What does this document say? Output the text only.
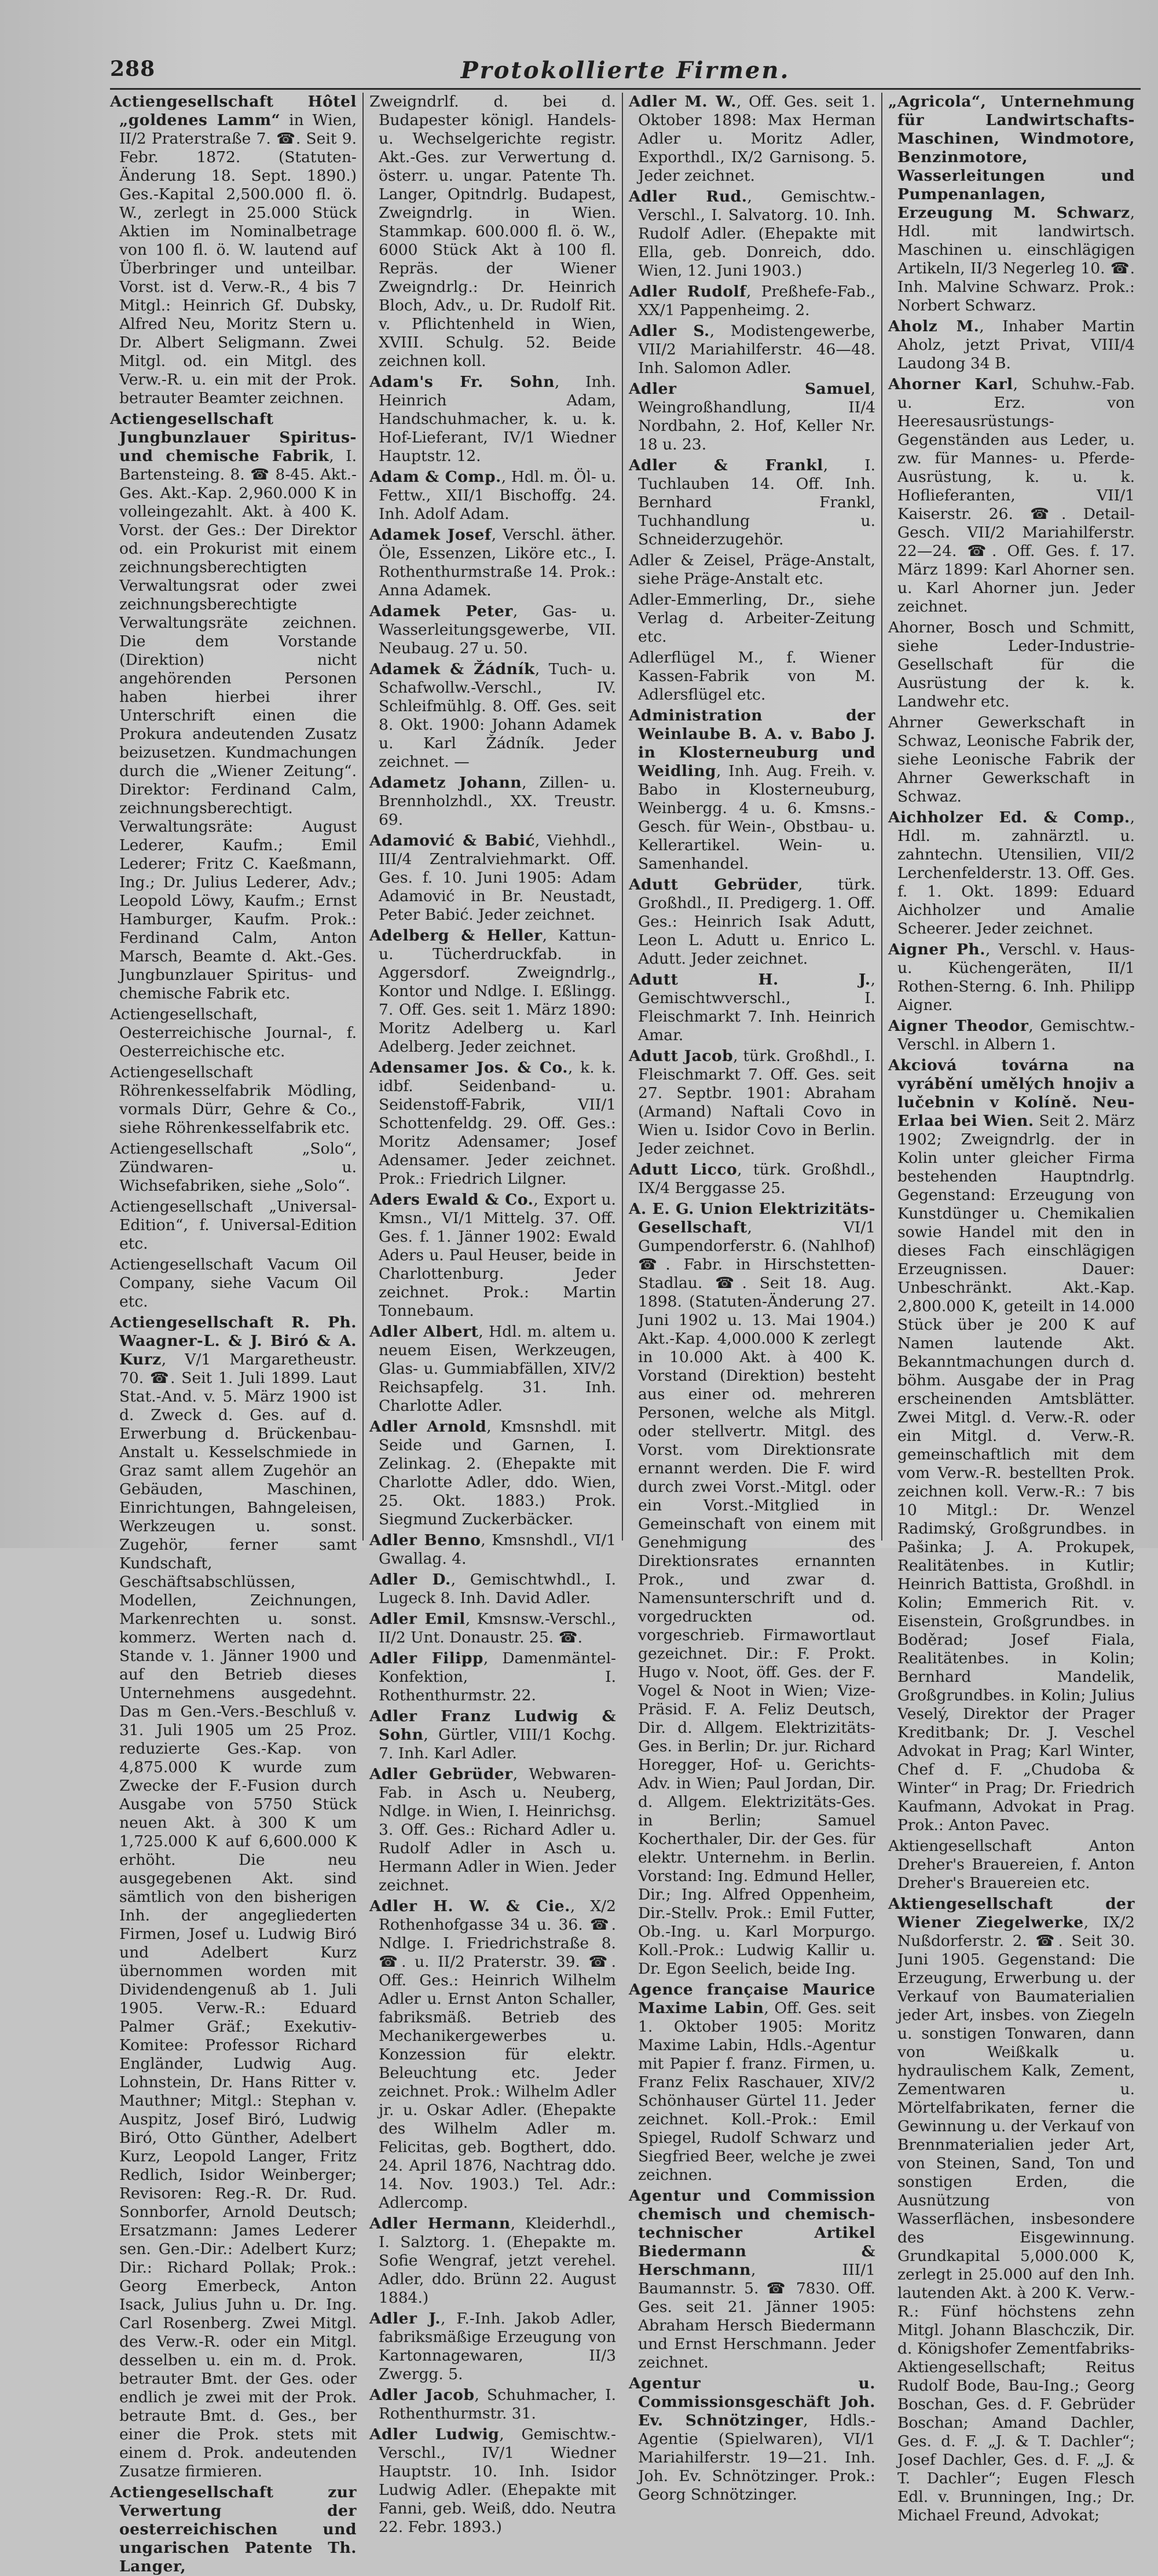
288	Protokollierte Firmen.

Actiengesellschaft Hôtel „goldenes Lamm“ in Wien, II/2 Praterstraße 7. ☎. Seit 9. Febr. 1872. (Statuten-Änderung 18. Sept. 1890.) Ges.-Kapital 2,500.000 fl. ö. W., zerlegt in 25.000 Stück Aktien im Nominalbetrage von 100 fl. ö. W. lautend auf Überbringer und unteilbar. Vorst. ist d. Verw.-R., 4 bis 7 Mitgl.: Heinrich Gf. Dubsky, Alfred Neu, Moritz Stern u. Dr. Albert Seligmann. Zwei Mitgl. od. ein Mitgl. des Verw.-R. u. ein mit der Prok. betrauter Beamter zeichnen.

Actiengesellschaft Jungbunzlauer Spiritus- und chemische Fabrik, I. Bartensteing. 8. ☎ 8-45. Akt.-Ges. Akt.-Kap. 2,960.000 K in volleingezahlt. Akt. à 400 K. Vorst. der Ges.: Der Direktor od. ein Prokurist mit einem zeichnungsberechtigten Verwaltungsrat oder zwei zeichnungsberechtigte Verwaltungsräte zeichnen. Die dem Vorstande (Direktion) nicht angehörenden Personen haben hierbei ihrer Unterschrift einen die Prokura andeutenden Zusatz beizusetzen. Kundmachungen durch die „Wiener Zeitung“. Direktor: Ferdinand Calm, zeichnungsberechtigt. Verwaltungsräte: August Lederer, Kaufm.; Emil Lederer; Fritz C. Kaeßmann, Ing.; Dr. Julius Lederer, Adv.; Leopold Löwy, Kaufm.; Ernst Hamburger, Kaufm. Prok.: Ferdinand Calm, Anton Marsch, Beamte d. Akt.-Ges. Jungbunzlauer Spiritus- und chemische Fabrik etc.

Actiengesellschaft, Oesterreichische Journal-, f. Oesterreichische etc.

Actiengesellschaft Röhrenkesselfabrik Mödling, vormals Dürr, Gehre & Co., siehe Röhrenkesselfabrik etc.

Actiengesellschaft „Solo“, Zündwaren- u. Wichsefabriken, siehe „Solo“.

Actiengesellschaft „Universal-Edition“, f. Universal-Edition etc.

Actiengesellschaft Vacum Oil Company, siehe Vacum Oil etc.

Actiengesellschaft R. Ph. Waagner-L. & J. Biró & A. Kurz, V/1 Margaretheustr. 70. ☎. Seit 1. Juli 1899. Laut Stat.-And. v. 5. März 1900 ist d. Zweck d. Ges. auf d. Erwerbung d. Brückenbau-Anstalt u. Kesselschmiede in Graz samt allem Zugehör an Gebäuden, Maschinen, Einrichtungen, Bahngeleisen, Werkzeugen u. sonst. Zugehör, ferner samt Kundschaft, Geschäftsabschlüssen, Modellen, Zeichnungen, Markenrechten u. sonst. kommerz. Werten nach d. Stande v. 1. Jänner 1900 und auf den Betrieb dieses Unternehmens ausgedehnt. Das m Gen.-Vers.-Beschluß v. 31. Juli 1905 um 25 Proz. reduzierte Ges.-Kap. von 4,875.000 K wurde zum Zwecke der F.-Fusion durch Ausgabe von 5750 Stück neuen Akt. à 300 K um 1,725.000 K auf 6,600.000 K erhöht. Die neu ausgegebenen Akt. sind sämtlich von den bisherigen Inh. der angegliederten Firmen, Josef u. Ludwig Biró und Adelbert Kurz übernommen worden mit Dividendengenuß ab 1. Juli 1905. Verw.-R.: Eduard Palmer Gräf.; Exekutiv-Komitee: Professor Richard Engländer, Ludwig Aug. Lohnstein, Dr. Hans Ritter v. Mauthner; Mitgl.: Stephan v. Auspitz, Josef Biró, Ludwig Biró, Otto Günther, Adelbert Kurz, Leopold Langer, Fritz Redlich, Isidor Weinberger; Revisoren: Reg.-R. Dr. Rud. Sonnborfer, Arnold Deutsch; Ersatzmann: James Lederer sen. Gen.-Dir.: Adelbert Kurz; Dir.: Richard Pollak; Prok.: Georg Emerbeck, Anton Isack, Julius Juhn u. Dr. Ing. Carl Rosenberg. Zwei Mitgl. des Verw.-R. oder ein Mitgl. desselben u. ein m. d. Prok. betrauter Bmt. der Ges. oder endlich je zwei mit der Prok. betraute Bmt. d. Ges., ber einer die Prok. stets mit einem d. Prok. andeutenden Zusatze firmieren.

Actiengesellschaft zur Verwertung der oesterreichischen und ungarischen Patente Th. Langer,

Zweigndrlf. d. bei d. Budapester königl. Handels- u. Wechselgerichte registr. Akt.-Ges. zur Verwertung d. österr. u. ungar. Patente Th. Langer, Opitndrlg. Budapest, Zweigndrlg. in Wien. Stammkap. 600.000 fl. ö. W., 6000 Stück Akt à 100 fl. Repräs. der Wiener Zweigndrlg.: Dr. Heinrich Bloch, Adv., u. Dr. Rudolf Rit. v. Pflichtenheld in Wien, XVIII. Schulg. 52. Beide zeichnen koll.

Adam's Fr. Sohn, Inh. Heinrich Adam, Handschuhmacher, k. u. k. Hof-Lieferant, IV/1 Wiedner Hauptstr. 12.

Adam & Comp., Hdl. m. Öl- u. Fettw., XII/1 Bischoffg. 24. Inh. Adolf Adam.

Adamek Josef, Verschl. äther. Öle, Essenzen, Liköre etc., I. Rothenthurmstraße 14. Prok.: Anna Adamek.

Adamek Peter, Gas- u. Wasserleitungsgewerbe, VII. Neubaug. 27 u. 50.

Adamek & Žádník, Tuch- u. Schafwollw.-Verschl., IV. Schleifmühlg. 8. Off. Ges. seit 8. Okt. 1900: Johann Adamek u. Karl Žádník. Jeder zeichnet. —

Adametz Johann, Zillen- u. Brennholzhdl., XX. Treustr. 69.

Adamović & Babić, Viehhdl., III/4 Zentralviehmarkt. Off. Ges. f. 10. Juni 1905: Adam Adamović in Br. Neustadt, Peter Babić. Jeder zeichnet.

Adelberg & Heller, Kattun- u. Tücherdruckfab. in Aggersdorf. Zweigndrlg., Kontor und Ndlge. I. Eßlingg. 7. Off. Ges. seit 1. März 1890: Moritz Adelberg u. Karl Adelberg. Jeder zeichnet.

Adensamer Jos. & Co., k. k. idbf. Seidenband- u. Seidenstoff-Fabrik, VII/1 Schottenfeldg. 29. Off. Ges.: Moritz Adensamer; Josef Adensamer. Jeder zeichnet. Prok.: Friedrich Lilgner.

Aders Ewald & Co., Export u. Kmsn., VI/1 Mittelg. 37. Off. Ges. f. 1. Jänner 1902: Ewald Aders u. Paul Heuser, beide in Charlottenburg. Jeder zeichnet. Prok.: Martin Tonnebaum.

Adler Albert, Hdl. m. altem u. neuem Eisen, Werkzeugen, Glas- u. Gummiabfällen, XIV/2 Reichsapfelg. 31. Inh. Charlotte Adler.

Adler Arnold, Kmsnshdl. mit Seide und Garnen, I. Zelinkag. 2. (Ehepakte mit Charlotte Adler, ddo. Wien, 25. Okt. 1883.) Prok. Siegmund Zuckerbäcker.

Adler Benno, Kmsnshdl., VI/1 Gwallag. 4.

Adler D., Gemischtwhdl., I. Lugeck 8. Inh. David Adler.

Adler Emil, Kmsnsw.-Verschl., II/2 Unt. Donaustr. 25. ☎.

Adler Filipp, Damenmäntel-Konfektion, I. Rothenthurmstr. 22.

Adler Franz Ludwig & Sohn, Gürtler, VIII/1 Kochg. 7. Inh. Karl Adler.

Adler Gebrüder, Webwaren-Fab. in Asch u. Neuberg, Ndlge. in Wien, I. Heinrichsg. 3. Off. Ges.: Richard Adler u. Rudolf Adler in Asch u. Hermann Adler in Wien. Jeder zeichnet.

Adler H. W. & Cie., X/2 Rothenhofgasse 34 u. 36. ☎. Ndlge. I. Friedrichstraße 8. ☎. u. II/2 Praterstr. 39. ☎. Off. Ges.: Heinrich Wilhelm Adler u. Ernst Anton Schaller, fabriksmäß. Betrieb des Mechanikergewerbes u. Konzession für elektr. Beleuchtung etc. Jeder zeichnet. Prok.: Wilhelm Adler jr. u. Oskar Adler. (Ehepakte des Wilhelm Adler m. Felicitas, geb. Bogthert, ddo. 24. April 1876, Nachtrag ddo. 14. Nov. 1903.) Tel. Adr.: Adlercomp.

Adler Hermann, Kleiderhdl., I. Salztorg. 1. (Ehepakte m. Sofie Wengraf, jetzt verehel. Adler, ddo. Brünn 22. August 1884.)

Adler J., F.-Inh. Jakob Adler, fabriksmäßige Erzeugung von Kartonnagewaren, II/3 Zwergg. 5.

Adler Jacob, Schuhmacher, I. Rothenthurmstr. 31.

Adler Ludwig, Gemischtw.-Verschl., IV/1 Wiedner Hauptstr. 10. Inh. Isidor Ludwig Adler. (Ehepakte mit Fanni, geb. Weiß, ddo. Neutra 22. Febr. 1893.)

Adler M. W., Off. Ges. seit 1. Oktober 1898: Max Herman Adler u. Moritz Adler, Exporthdl., IX/2 Garnisong. 5. Jeder zeichnet.

Adler Rud., Gemischtw.-Verschl., I. Salvatorg. 10. Inh. Rudolf Adler. (Ehepakte mit Ella, geb. Donreich, ddo. Wien, 12. Juni 1903.)

Adler Rudolf, Preßhefe-Fab., XX/1 Pappenheimg. 2.

Adler S., Modistengewerbe, VII/2 Mariahilferstr. 46—48. Inh. Salomon Adler.

Adler Samuel, Weingroßhandlung, II/4 Nordbahn, 2. Hof, Keller Nr. 18 u. 23.

Adler & Frankl, I. Tuchlauben 14. Off. Inh. Bernhard Frankl, Tuchhandlung u. Schneiderzugehör.

Adler & Zeisel, Präge-Anstalt, siehe Präge-Anstalt etc.

Adler-Emmerling, Dr., siehe Verlag d. Arbeiter-Zeitung etc.

Adlerflügel M., f. Wiener Kassen-Fabrik von M. Adlersflügel etc.

Administration der Weinlaube B. A. v. Babo J. in Klosterneuburg und Weidling, Inh. Aug. Freih. v. Babo in Klosterneuburg, Weinbergg. 4 u. 6. Kmsns.-Gesch. für Wein-, Obstbau- u. Kellerartikel. Wein- u. Samenhandel.

Adutt Gebrüder, türk. Großhdl., II. Predigerg. 1. Off. Ges.: Heinrich Isak Adutt, Leon L. Adutt u. Enrico L. Adutt. Jeder zeichnet.

Adutt H. J., Gemischtwverschl., I. Fleischmarkt 7. Inh. Heinrich Amar.

Adutt Jacob, türk. Großhdl., I. Fleischmarkt 7. Off. Ges. seit 27. Septbr. 1901: Abraham (Armand) Naftali Covo in Wien u. Isidor Covo in Berlin. Jeder zeichnet.

Adutt Licco, türk. Großhdl., IX/4 Berggasse 25.

A. E. G. Union Elektrizitäts-Gesellschaft, VI/1 Gumpendorferstr. 6. (Nahlhof) ☎. Fabr. in Hirschstetten-Stadlau. ☎. Seit 18. Aug. 1898. (Statuten-Änderung 27. Juni 1902 u. 13. Mai 1904.) Akt.-Kap. 4,000.000 K zerlegt in 10.000 Akt. à 400 K. Vorstand (Direktion) besteht aus einer od. mehreren Personen, welche als Mitgl. oder stellvertr. Mitgl. des Vorst. vom Direktionsrate ernannt werden. Die F. wird durch zwei Vorst.-Mitgl. oder ein Vorst.-Mitglied in Gemeinschaft von einem mit Genehmigung des Direktionsrates ernannten Prok., und zwar d. Namensunterschrift und d. vorgedruckten od. vorgeschrieb. Firmawortlaut gezeichnet. Dir.: F. Prokt. Hugo v. Noot, öff. Ges. der F. Vogel & Noot in Wien; Vize-Präsid. F. A. Feliz Deutsch, Dir. d. Allgem. Elektrizitäts-Ges. in Berlin; Dr. jur. Richard Horegger, Hof- u. Gerichts-Adv. in Wien; Paul Jordan, Dir. d. Allgem. Elektrizitäts-Ges. in Berlin; Samuel Kocherthaler, Dir. der Ges. für elektr. Unternehm. in Berlin. Vorstand: Ing. Edmund Heller, Dir.; Ing. Alfred Oppenheim, Dir.-Stellv. Prok.: Emil Futter, Ob.-Ing. u. Karl Morpurgo. Koll.-Prok.: Ludwig Kallir u. Dr. Egon Seelich, beide Ing.

Agence française Maurice Maxime Labin, Off. Ges. seit 1. Oktober 1905: Moritz Maxime Labin, Hdls.-Agentur mit Papier f. franz. Firmen, u. Franz Felix Raschauer, XIV/2 Schönhauser Gürtel 11. Jeder zeichnet. Koll.-Prok.: Emil Spiegel, Rudolf Schwarz und Siegfried Beer, welche je zwei zeichnen.

Agentur und Commission chemisch und chemisch-technischer Artikel Biedermann & Herschmann, III/1 Baumannstr. 5. ☎ 7830. Off. Ges. seit 21. Jänner 1905: Abraham Hersch Biedermann und Ernst Herschmann. Jeder zeichnet.

Agentur u. Commissionsgeschäft Joh. Ev. Schnötzinger, Hdls.-Agentie (Spielwaren), VI/1 Mariahilferstr. 19—21. Inh. Joh. Ev. Schnötzinger. Prok.: Georg Schnötzinger.

„Agricola“, Unternehmung für Landwirtschafts-Maschinen, Windmotore, Benzinmotore, Wasserleitungen und Pumpenanlagen, Erzeugung M. Schwarz, Hdl. mit landwirtsch. Maschinen u. einschlägigen Artikeln, II/3 Negerleg 10. ☎. Inh. Malvine Schwarz. Prok.: Norbert Schwarz.

Aholz M., Inhaber Martin Aholz, jetzt Privat, VIII/4 Laudong 34 B.

Ahorner Karl, Schuhw.-Fab. u. Erz. von Heeresausrüstungs-Gegenständen aus Leder, u. zw. für Mannes- u. Pferde-Ausrüstung, k. u. k. Hoflieferanten, VII/1 Kaiserstr. 26. ☎. Detail-Gesch. VII/2 Mariahilferstr. 22—24. ☎. Off. Ges. f. 17. März 1899: Karl Ahorner sen. u. Karl Ahorner jun. Jeder zeichnet.

Ahorner, Bosch und Schmitt, siehe Leder-Industrie-Gesellschaft für die Ausrüstung der k. k. Landwehr etc.

Ahrner Gewerkschaft in Schwaz, Leonische Fabrik der, siehe Leonische Fabrik der Ahrner Gewerkschaft in Schwaz.

Aichholzer Ed. & Comp., Hdl. m. zahnärztl. u. zahntechn. Utensilien, VII/2 Lerchenfelderstr. 13. Off. Ges. f. 1. Okt. 1899: Eduard Aichholzer und Amalie Scheerer. Jeder zeichnet.

Aigner Ph., Verschl. v. Haus- u. Küchengeräten, II/1 Rothen-Sterng. 6. Inh. Philipp Aigner.

Aigner Theodor, Gemischtw.-Verschl. in Albern 1.

Akciová továrna na vyrábění umělých hnojiv a lučebnin v Kolíně. Neu-Erlaa bei Wien. Seit 2. März 1902; Zweigndrlg. der in Kolin unter gleicher Firma bestehenden Hauptndrlg. Gegenstand: Erzeugung von Kunstdünger u. Chemikalien sowie Handel mit den in dieses Fach einschlägigen Erzeugnissen. Dauer: Unbeschränkt. Akt.-Kap. 2,800.000 K, geteilt in 14.000 Stück über je 200 K auf Namen lautende Akt. Bekanntmachungen durch d. böhm. Ausgabe der in Prag erscheinenden Amtsblätter. Zwei Mitgl. d. Verw.-R. oder ein Mitgl. d. Verw.-R. gemeinschaftlich mit dem vom Verw.-R. bestellten Prok. zeichnen koll. Verw.-R.: 7 bis 10 Mitgl.: Dr. Wenzel Radimský, Großgrundbes. in Pašinka; J. A. Prokupek, Realitätenbes. in Kutlir; Heinrich Battista, Großhdl. in Kolin; Emmerich Rit. v. Eisenstein, Großgrundbes. in Boděrad; Josef Fiala, Realitätenbes. in Kolin; Bernhard Mandelik, Großgrundbes. in Kolin; Julius Veselý, Direktor der Prager Kreditbank; Dr. J. Veschel Advokat in Prag; Karl Winter, Chef d. F. „Chudoba & Winter“ in Prag; Dr. Friedrich Kaufmann, Advokat in Prag. Prok.: Anton Pavec.

Aktiengesellschaft Anton Dreher's Brauereien, f. Anton Dreher's Brauereien etc.

Aktiengesellschaft der Wiener Ziegelwerke, IX/2 Nußdorferstr. 2. ☎. Seit 30. Juni 1905. Gegenstand: Die Erzeugung, Erwerbung u. der Verkauf von Baumaterialien jeder Art, insbes. von Ziegeln u. sonstigen Tonwaren, dann von Weißkalk u. hydraulischem Kalk, Zement, Zementwaren u. Mörtelfabrikaten, ferner die Gewinnung u. der Verkauf von Brennmaterialien jeder Art, von Steinen, Sand, Ton und sonstigen Erden, die Ausnützung von Wasserflächen, insbesondere des Eisgewinnung. Grundkapital 5,000.000 K, zerlegt in 25.000 auf den Inh. lautenden Akt. à 200 K. Verw.-R.: Fünf höchstens zehn Mitgl. Johann Blaschczik, Dir. d. Königshofer Zementfabriks-Aktiengesellschaft; Reitus Rudolf Bode, Bau-Ing.; Georg Boschan, Ges. d. F. Gebrüder Boschan; Amand Dachler, Ges. d. F. „J. & T. Dachler“; Josef Dachler, Ges. d. F. „J. & T. Dachler“; Eugen Flesch Edl. v. Brunningen, Ing.; Dr. Michael Freund, Advokat;
